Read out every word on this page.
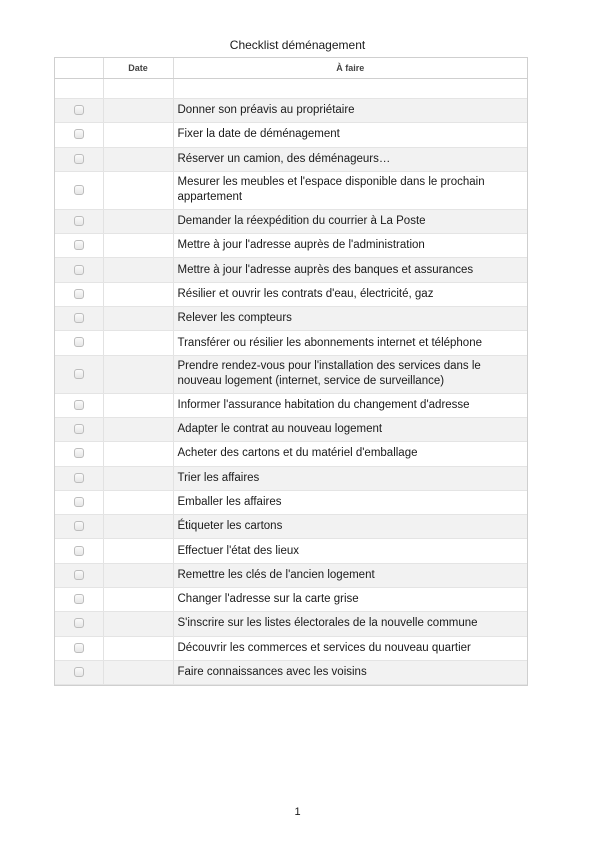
Checklist déménagement
	Date	À faire

		Donner son préavis au propriétaire
		Fixer la date de déménagement
		Réserver un camion, des déménageurs…
		Mesurer les meubles et l'espace disponible dans le prochain appartement
		Demander la réexpédition du courrier à La Poste
		Mettre à jour l'adresse auprès de l'administration
		Mettre à jour l'adresse auprès des banques et assurances
		Résilier et ouvrir les contrats d'eau, électricité, gaz
		Relever les compteurs
		Transférer ou résilier les abonnements internet et téléphone
		Prendre rendez-vous pour l'installation des services dans le nouveau logement (internet, service de surveillance)
		Informer l'assurance habitation du changement d'adresse
		Adapter le contrat au nouveau logement
		Acheter des cartons et du matériel d'emballage
		Trier les affaires
		Emballer les affaires
		Étiqueter les cartons
		Effectuer l'état des lieux
		Remettre les clés de l'ancien logement
		Changer l'adresse sur la carte grise
		S'inscrire sur les listes électorales de la nouvelle commune
		Découvrir les commerces et services du nouveau quartier
		Faire connaissances avec les voisins
1
